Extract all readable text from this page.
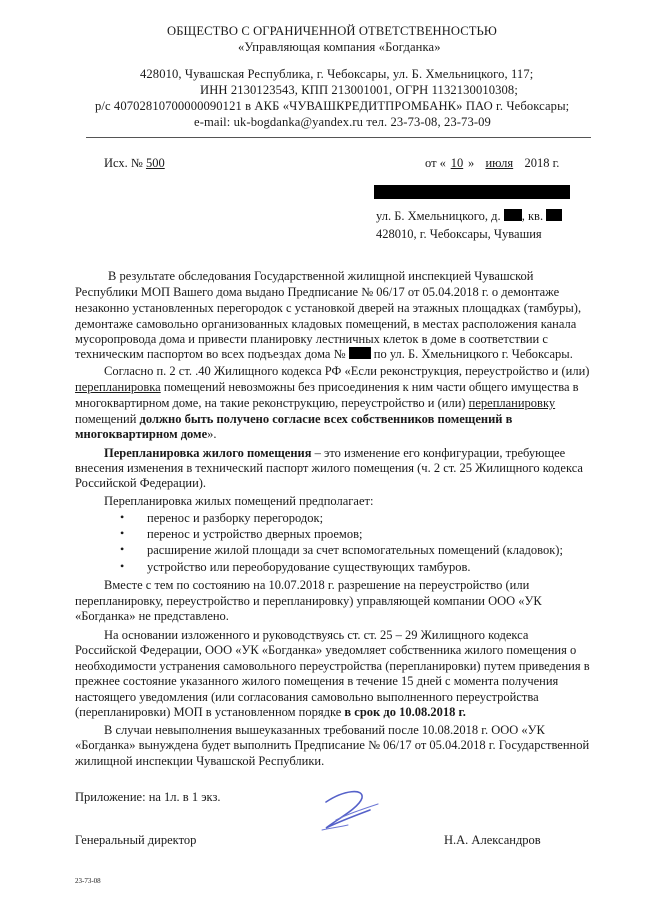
ОБЩЕСТВО С ОГРАНИЧЕННОЙ ОТВЕТСТВЕННОСТЬЮ
«Управляющая компания «Богданка»
428010, Чувашская Республика, г. Чебоксары, ул. Б. Хмельницкого, 117;
ИНН 2130123543, КПП 213001001, ОГРН 1132130010308;
р/с 40702810700000090121 в АКБ «ЧУВАШКРЕДИТПРОМБАНК» ПАО г. Чебоксары;
e-mail: uk-bogdanka@yandex.ru тел. 23-73-08, 23-73-09
Исх. № 500	от « 10 » июля 2018 г.
ул. Б. Хмельницкого, д. , кв.
428010, г. Чебоксары, Чувашия
В результате обследования Государственной жилищной инспекцией Чувашской
Республики МОП Вашего дома выдано Предписание № 06/17 от 05.04.2018 г. о демонтаже
незаконно установленных перегородок с установкой дверей на этажных площадках (тамбуры),
демонтаже самовольно организованных кладовых помещений, в местах расположения канала
мусоропровода дома и привести планировку лестничных клеток в доме в соответствии с
техническим паспортом во всех подъездах дома № по ул. Б. Хмельницкого г. Чебоксары.
Согласно п. 2 ст. .40 Жилищного кодекса РФ «Если реконструкция, переустройство и (или)
перепланировка помещений невозможны без присоединения к ним части общего имущества в
многоквартирном доме, на такие реконструкцию, переустройство и (или) перепланировку
помещений должно быть получено согласие всех собственников помещений в
многоквартирном доме».
Перепланировка жилого помещения – это изменение его конфигурации, требующее
внесения изменения в технический паспорт жилого помещения (ч. 2 ст. 25 Жилищного кодекса
Российской Федерации).
Перепланировка жилых помещений предполагает:
• перенос и разборку перегородок;
• перенос и устройство дверных проемов;
• расширение жилой площади за счет вспомогательных помещений (кладовок);
• устройство или переоборудование существующих тамбуров.
Вместе с тем по состоянию на 10.07.2018 г. разрешение на переустройство (или
перепланировку, переустройство и перепланировку) управляющей компании ООО «УК
«Богданка» не представлено.
На основании изложенного и руководствуясь ст. ст. 25 – 29 Жилищного кодекса
Российской Федерации, ООО «УК «Богданка» уведомляет собственника жилого помещения о
необходимости устранения самовольного переустройства (перепланировки) путем приведения в
прежнее состояние указанного жилого помещения в течение 15 дней с момента получения
настоящего уведомления (или согласования самовольно выполненного переустройства
(перепланировки) МОП в установленном порядке в срок до 10.08.2018 г.
В случаи невыполнения вышеуказанных требований после 10.08.2018 г. ООО «УК
«Богданка» вынуждена будет выполнить Предписание № 06/17 от 05.04.2018 г. Государственной
жилищной инспекции Чувашской Республики.
Приложение: на 1л. в 1 экз.
Генеральный директор	Н.А. Александров
23-73-08
